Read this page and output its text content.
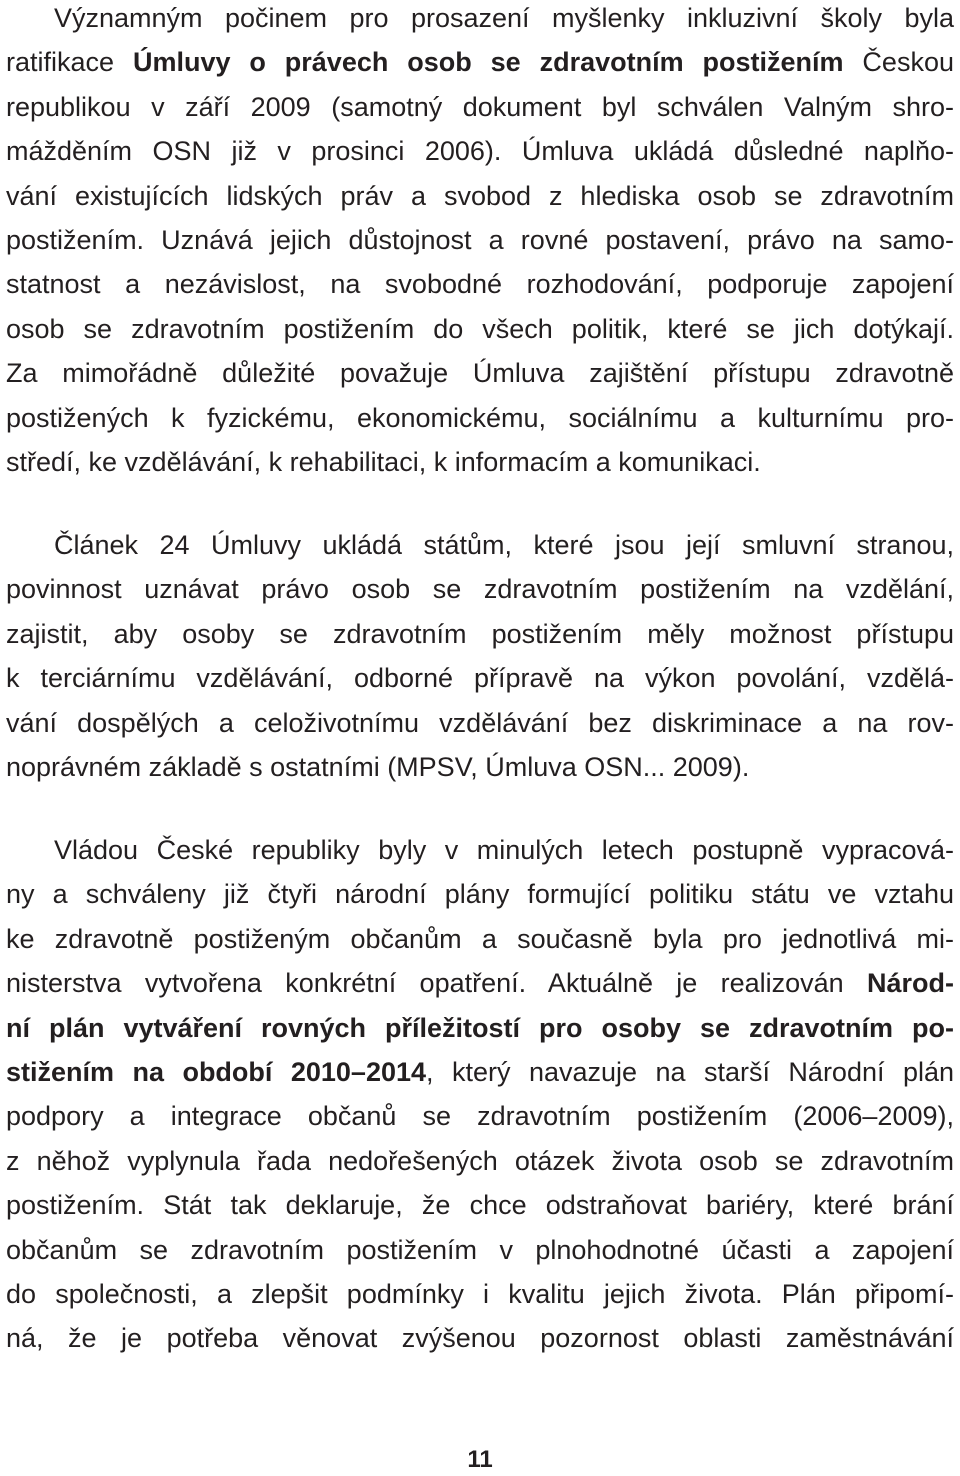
Významným počinem pro prosazení myšlenky inkluzivní školy byla
ratifikace Úmluvy o právech osob se zdravotním postižením Českou
republikou v září 2009 (samotný dokument byl schválen Valným shro-
mážděním OSN již v prosinci 2006). Úmluva ukládá důsledné naplňo-
vání existujících lidských práv a svobod z hlediska osob se zdravotním
postižením. Uznává jejich důstojnost a rovné postavení, právo na samo-
statnost a nezávislost, na svobodné rozhodování, podporuje zapojení
osob se zdravotním postižením do všech politik, které se jich dotýkají.
Za mimořádně důležité považuje Úmluva zajištění přístupu zdravotně
postižených k fyzickému, ekonomickému, sociálnímu a kulturnímu pro-
středí, ke vzdělávání, k rehabilitaci, k informacím a komunikaci.
Článek 24 Úmluvy ukládá státům, které jsou její smluvní stranou,
povinnost uznávat právo osob se zdravotním postižením na vzdělání,
zajistit, aby osoby se zdravotním postižením měly možnost přístupu
k terciárnímu vzdělávání, odborné přípravě na výkon povolání, vzdělá-
vání dospělých a celoživotnímu vzdělávání bez diskriminace a na rov-
noprávném základě s ostatními (MPSV, Úmluva OSN... 2009).
Vládou České republiky byly v minulých letech postupně vypracová-
ny a schváleny již čtyři národní plány formující politiku státu ve vztahu
ke zdravotně postiženým občanům a současně byla pro jednotlivá mi-
nisterstva vytvořena konkrétní opatření. Aktuálně je realizován Národ-
ní plán vytváření rovných příležitostí pro osoby se zdravotním po-
stižením na období 2010–2014, který navazuje na starší Národní plán
podpory a integrace občanů se zdravotním postižením (2006–2009),
z něhož vyplynula řada nedořešených otázek života osob se zdravotním
postižením. Stát tak deklaruje, že chce odstraňovat bariéry, které brání
občanům se zdravotním postižením v plnohodnotné účasti a zapojení
do společnosti, a zlepšit podmínky i kvalitu jejich života. Plán připomí-
ná, že je potřeba věnovat zvýšenou pozornost oblasti zaměstnávání
11
